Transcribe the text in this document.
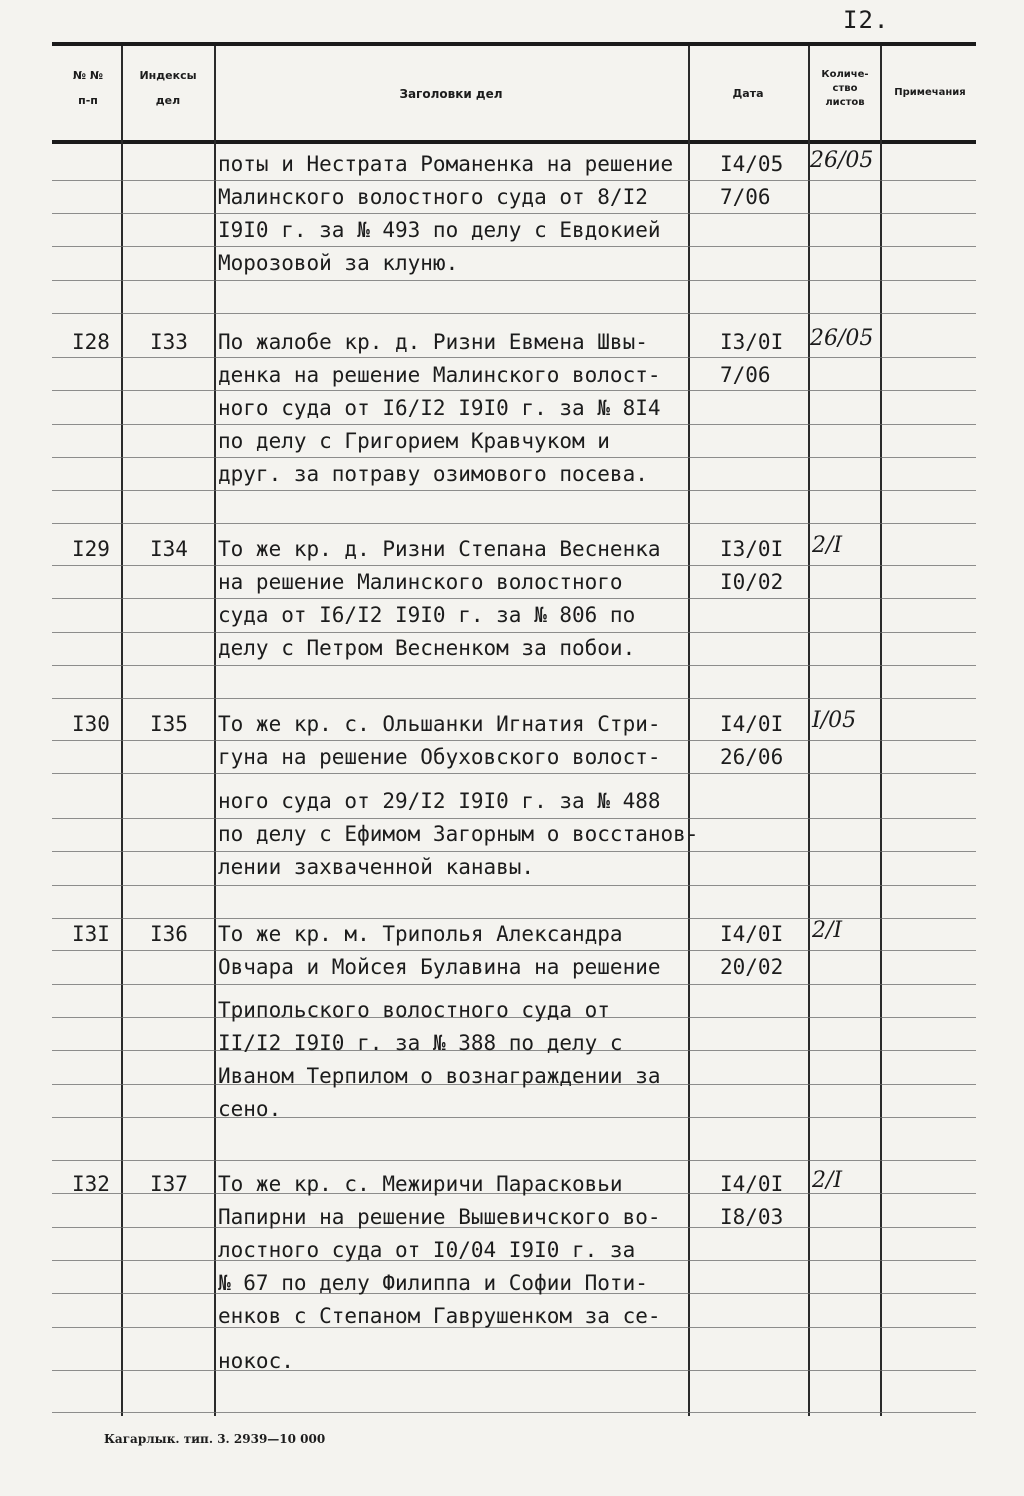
I2.
№ №
п-п
Индексы
дел	Заголовки дел	Дата
Количе-
ство
листов
Примечания
поты и Нестрата Романенка на решение
Малинского волостного суда от 8/I2
I9I0 г. за № 493 по делу с Евдокией
Морозовой за клуню.
I4/05
7/06
26/05
I28 I33 По жалобе кр. д. Ризни Евмена Швы-
денка на решение Малинского волост-
ного суда от I6/I2 I9I0 г. за № 8I4
по делу с Григорием Кравчуком и
друг. за потраву озимового посева.
I3/0I
7/06
26/05
I29 I34 То же кр. д. Ризни Степана Весненка
на решение Малинского волостного
суда от I6/I2 I9I0 г. за № 806 по
делу с Петром Весненком за побои.
I3/0I
I0/02
2/I
I30 I35 То же кр. с. Ольшанки Игнатия Стри-
гуна на решение Обуховского волост-
ного суда от 29/I2 I9I0 г. за № 488
по делу с Ефимом Загорным о восстанов-
лении захваченной канавы.
I4/0I
26/06
I/05
I3I I36 То же кр. м. Триполья Александра
Овчара и Мойсея Булавина на решение
Трипольского волостного суда от
II/I2 I9I0 г. за № 388 по делу с
Иваном Терпилом о вознаграждении за
сено.
I4/0I
20/02
2/I
I32 I37 То же кр. с. Межиричи Парасковьи
Папирни на решение Вышевичского во-
лостного суда от I0/04 I9I0 г. за
№ 67 по делу Филиппа и Софии Поти-
енков с Степаном Гаврушенком за се-
нокос.
I4/0I
I8/03
2/I
Кагарлык. тип. 3. 2939—10 000
